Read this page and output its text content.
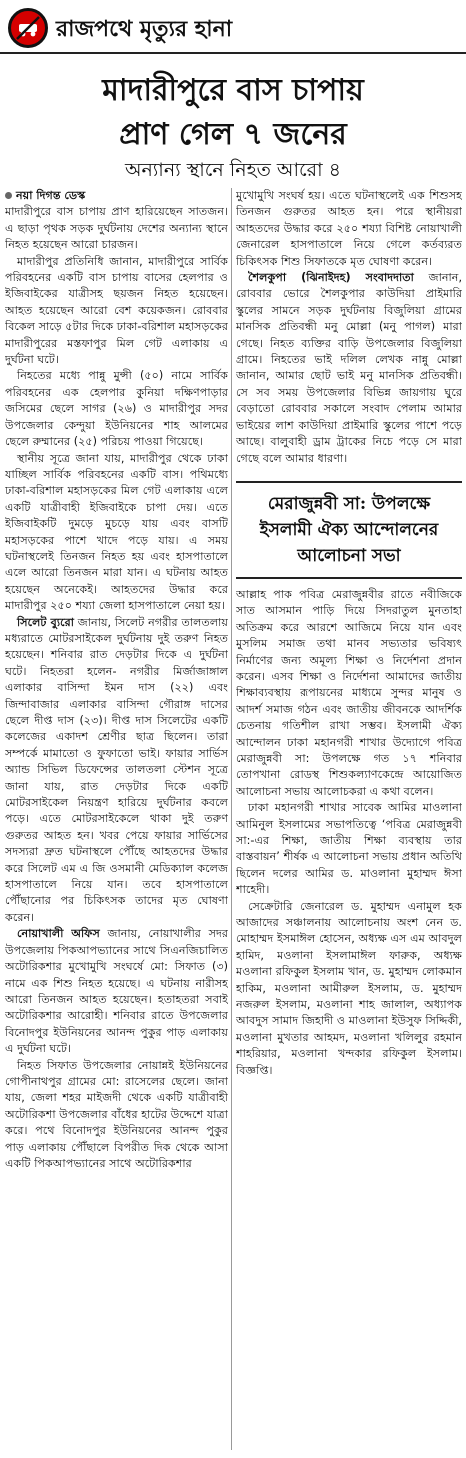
রাজপথে মৃত্যুর হানা
মাদারীপুরে বাস চাপায়
প্রাণ গেল ৭ জনের
অন্যান্য স্থানে নিহত আরো ৪

নয়া দিগন্ত ডেস্ক

মাদারীপুরে বাস চাপায় প্রাণ হারিয়েছেন সাতজন। এ ছাড়া পৃথক সড়ক দুর্ঘটনায় দেশের অন্যান্য স্থানে নিহত হয়েছেন আরো চারজন।

মাদারীপুর প্রতিনিধি জানান, মাদারীপুরে সার্বিক পরিবহনের একটি বাস চাপায় বাসের হেলপার ও ইজিবাইকের যাত্রীসহ ছয়জন নিহত হয়েছেন। আহত হয়েছেন আরো বেশ কয়েকজন। রোববার বিকেল সাড়ে ৫টার দিকে ঢাকা-বরিশাল মহাসড়কের মাদারীপুরের মস্তফাপুর মিল গেট এলাকায় এ দুর্ঘটনা ঘটে।

নিহতের মধ্যে পান্নু মুন্সী (৫০) নামে সার্বিক পরিবহনের এক হেলপার কুনিয়া দক্ষিণপাড়ার জসিমের ছেলে সাগর (২৬) ও মাদারীপুর সদর উপজেলার কেন্দুয়া ইউনিয়নের শাহ আলমের ছেলে রুম্মানের (২৫) পরিচয় পাওয়া গিয়েছে।

স্থানীয় সূত্রে জানা যায়, মাদারীপুর থেকে ঢাকা যাচ্ছিল সার্বিক পরিবহনের একটি বাস। পথিমধ্যে ঢাকা-বরিশাল মহাসড়কের মিল গেট এলাকায় এলে একটি যাত্রীবাহী ইজিবাইকে চাপা দেয়। এতে ইজিবাইকটি দুমড়ে মুচড়ে যায় এবং বাসটি মহাসড়কের পাশে খাদে পড়ে যায়। এ সময় ঘটনাস্থলেই তিনজন নিহত হয় এবং হাসপাতালে এলে আরো তিনজন মারা যান। এ ঘটনায় আহত হয়েছেন অনেকেই। আহতদের উদ্ধার করে মাদারীপুর ২৫০ শয্যা জেলা হাসপাতালে নেয়া হয়।

সিলেট ব্যুরো জানায়, সিলেট নগরীর তালতলায় মধ্যরাতে মোটরসাইকেল দুর্ঘটনায় দুই তরুণ নিহত হয়েছেন। শনিবার রাত দেড়টার দিকে এ দুর্ঘটনা ঘটে। নিহতরা হলেন- নগরীর মির্জাজাঙ্গাল এলাকার বাসিন্দা ইমন দাস (২২) এবং জিন্দাবাজার এলাকার বাসিন্দা গৌরাঙ্গ দাসের ছেলে দীপ্ত দাস (২৩)। দীপ্ত দাস সিলেটের একটি কলেজের একাদশ শ্রেণীর ছাত্র ছিলেন। তারা সম্পর্কে মামাতো ও ফুফাতো ভাই। ফায়ার সার্ভিস অ্যান্ড সিভিল ডিফেন্সের তালতলা স্টেশন সূত্রে জানা যায়, রাত দেড়টার দিকে একটি মোটরসাইকেল নিয়ন্ত্রণ হারিয়ে দুর্ঘটনার কবলে পড়ে। এতে মোটরসাইকেলে থাকা দুই তরুণ গুরুতর আহত হন। খবর পেয়ে ফায়ার সার্ভিসের সদস্যরা দ্রুত ঘটনাস্থলে পৌঁছে আহতদের উদ্ধার করে সিলেট এম এ জি ওসমানী মেডিক্যাল কলেজ হাসপাতালে নিয়ে যান। তবে হাসপাতালে পৌঁছানোর পর চিকিৎসক তাদের মৃত ঘোষণা করেন।

নোয়াখালী অফিস জানায়, নোয়াখালীর সদর উপজেলায় পিকআপভ্যানের সাথে সিএনজিচালিত অটোরিকশার মুখোমুখি সংঘর্ষে মো: সিফাত (৩) নামে এক শিশু নিহত হয়েছে। এ ঘটনায় নারীসহ আরো তিনজন আহত হয়েছেন। হতাহতরা সবাই অটোরিকশার আরোহী। শনিবার রাতে উপজেলার বিনোদপুর ইউনিয়নের আনন্দ পুকুর পাড় এলাকায় এ দুর্ঘটনা ঘটে।

নিহত সিফাত উপজেলার নোয়ান্নই ইউনিয়নের গোপীনাথপুর গ্রামের মো: রাসেলের ছেলে। জানা যায়, জেলা শহর মাইজদী থেকে একটি যাত্রীবাহী অটোরিকশা উপজেলার বাঁধের হাটের উদ্দেশে যাত্রা করে। পথে বিনোদপুর ইউনিয়নের আনন্দ পুকুর পাড় এলাকায় পৌঁছালে বিপরীত দিক থেকে আসা একটি পিকআপভ্যানের সাথে অটোরিকশার

মুখোমুখি সংঘর্ষ হয়। এতে ঘটনাস্থলেই এক শিশুসহ তিনজন গুরুতর আহত হন। পরে স্থানীয়রা আহতদের উদ্ধার করে ২৫০ শয্যা বিশিষ্ট নোয়াখালী জেনারেল হাসপাতালে নিয়ে গেলে কর্তব্যরত চিকিৎসক শিশু সিফাতকে মৃত ঘোষণা করেন।

শৈলকুপা (ঝিনাইদহ) সংবাদদাতা জানান, রোববার ভোরে শৈলকুপার কাউদিয়া প্রাইমারি স্কুলের সামনে সড়ক দুর্ঘটনায় বিজুলিয়া গ্রামের মানসিক প্রতিবন্ধী মনু মোল্লা (মনু পাগল) মারা গেছে। নিহত ব্যক্তির বাড়ি উপজেলার বিজুলিয়া গ্রামে। নিহতের ভাই দলিল লেখক নান্নু মোল্লা জানান, আমার ছোট ভাই মনু মানসিক প্রতিবন্ধী। সে সব সময় উপজেলার বিভিন্ন জায়গায় ঘুরে বেড়াতো রোববার সকালে সংবাদ পেলাম আমার ভাইয়ের লাশ কাউদিয়া প্রাইমারি স্কুলের পাশে পড়ে আছে। বালুবাহী ড্রাম ট্রাকের নিচে পড়ে সে মারা গেছে বলে আমার ধারণা।

মেরাজুন্নবী সা: উপলক্ষে
ইসলামী ঐক্য আন্দোলনের
আলোচনা সভা

আল্লাহ পাক পবিত্র মেরাজুন্নবীর রাতে নবীজিকে সাত আসমান পাড়ি দিয়ে সিদরাতুল মুনতাহা অতিক্রম করে আরশে আজিমে নিয়ে যান এবং মুসলিম সমাজ তথা মানব সভ্যতার ভবিষ্যৎ নির্মাণের জন্য অমূল্য শিক্ষা ও নির্দেশনা প্রদান করেন। এসব শিক্ষা ও নির্দেশনা আমাদের জাতীয় শিক্ষাব্যবস্থায় রূপায়নের মাধ্যমে সুন্দর মানুষ ও আদর্শ সমাজ গঠন এবং জাতীয় জীবনকে আদর্শিক চেতনায় গতিশীল রাখা সম্ভব। ইসলামী ঐক্য আন্দোলন ঢাকা মহানগরী শাখার উদ্যোগে পবিত্র মেরাজুন্নবী সা: উপলক্ষে গত ১৭ শনিবার তোপখানা রোডস্থ শিশুকল্যাণকেন্দ্রে আয়োজিত আলোচনা সভায় আলোচকরা এ কথা বলেন।

ঢাকা মহানগরী শাখার সাবেক আমির মাওলানা আমিনুল ইসলামের সভাপতিত্বে ‘পবিত্র মেরাজুন্নবী সা:-এর শিক্ষা, জাতীয় শিক্ষা ব্যবস্থায় তার বাস্তবায়ন’ শীর্ষক এ আলোচনা সভায় প্রধান অতিথি ছিলেন দলের আমির ড. মাওলানা মুহাম্মদ ঈসা শাহেদী।

সেক্রেটারি জেনারেল ড. মুহাম্মদ এনামুল হক আজাদের সঞ্চালনায় আলোচনায় অংশ নেন ড. মোহাম্মদ ইসমাঈল হোসেন, অধ্যক্ষ এস এম আবদুল হামিদ, মওলানা ইসলামাঈল ফারুক, অধ্যক্ষ মওলানা রফিকুল ইসলাম খান, ড. মুহাম্মদ লোকমান হাকিম, মওলানা আমীরুল ইসলাম, ড. মুহাম্মদ নজরুল ইসলাম, মওলানা শাহ জালাল, অধ্যাপক আবদুস সামাদ জিহাদী ও মাওলানা ইউসুফ সিদ্দিকী, মওলানা মুখতার আহমদ, মওলানা খলিলুর রহমান শাহরিয়ার, মওলানা খন্দকার রফিকুল ইসলাম। বিজ্ঞপ্তি।
